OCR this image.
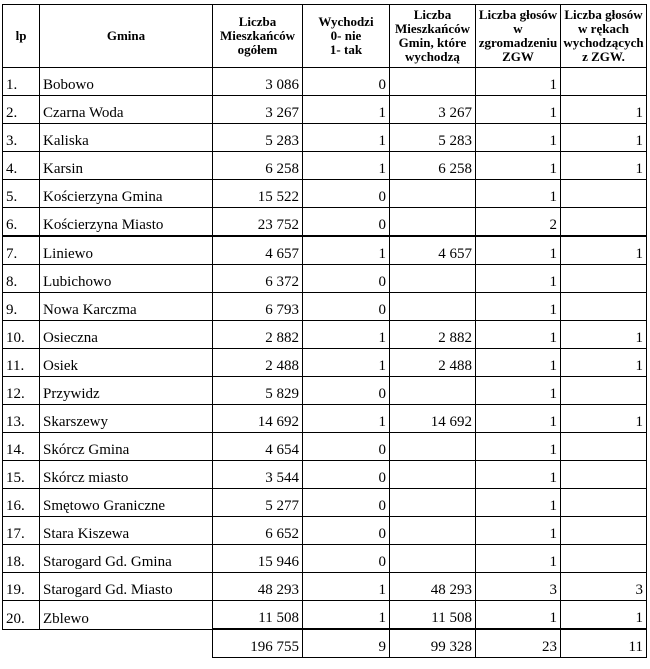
lp	Gmina	Liczba
Mieszkańców
ogółem	Wychodzi
0- nie
1- tak	Liczba
Mieszkańców
Gmin, które
wychodzą	Liczba głosów
w
zgromadzeniu
ZGW	Liczba głosów
w rękach
wychodzących
z ZGW.
1.	Bobowo	3 086	0		1	
2.	Czarna Woda	3 267	1	3 267	1	1
3.	Kaliska	5 283	1	5 283	1	1
4.	Karsin	6 258	1	6 258	1	1
5.	Kościerzyna Gmina	15 522	0		1	
6.	Kościerzyna Miasto	23 752	0		2	
7.	Liniewo	4 657	1	4 657	1	1
8.	Lubichowo	6 372	0		1	
9.	Nowa Karczma	6 793	0		1	
10.	Osieczna	2 882	1	2 882	1	1
11.	Osiek	2 488	1	2 488	1	1
12.	Przywidz	5 829	0		1	
13.	Skarszewy	14 692	1	14 692	1	1
14.	Skórcz Gmina	4 654	0		1	
15.	Skórcz miasto	3 544	0		1	
16.	Smętowo Graniczne	5 277	0		1	
17.	Stara Kiszewa	6 652	0		1	
18.	Starogard Gd. Gmina	15 946	0		1	
19.	Starogard Gd. Miasto	48 293	1	48 293	3	3
20.	Zblewo	11 508	1	11 508	1	1
		196 755	9	99 328	23	11
